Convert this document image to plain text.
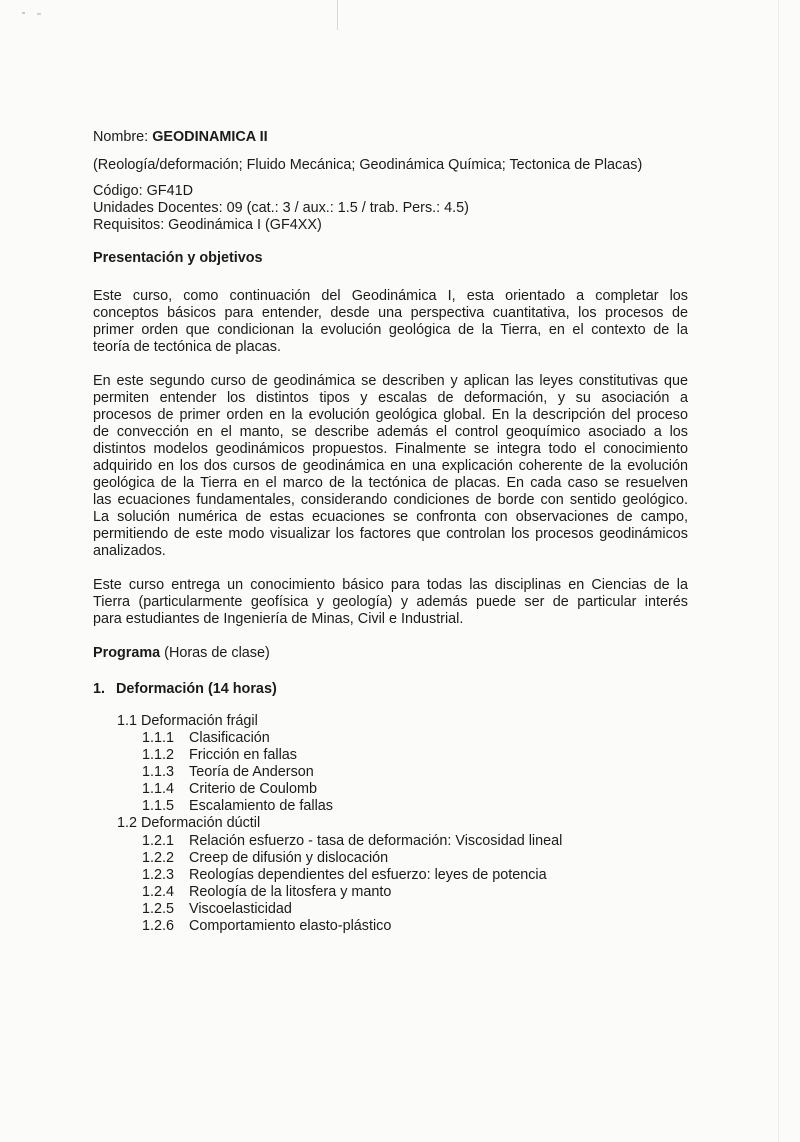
Nombre: GEODINAMICA II
(Reología/deformación; Fluido Mecánica; Geodinámica Química; Tectonica de Placas)
Código: GF41D
Unidades Docentes: 09 (cat.: 3 / aux.: 1.5 / trab. Pers.: 4.5)
Requisitos: Geodinámica I (GF4XX)
Presentación y objetivos
Este curso, como continuación del Geodinámica I, esta orientado a completar los
conceptos básicos para entender, desde una perspectiva cuantitativa, los procesos de
primer orden que condicionan la evolución geológica de la Tierra, en el contexto de la
teoría de tectónica de placas.
En este segundo curso de geodinámica se describen y aplican las leyes constitutivas que
permiten entender los distintos tipos y escalas de deformación, y su asociación a
procesos de primer orden en la evolución geológica global. En la descripción del proceso
de convección en el manto, se describe además el control geoquímico asociado a los
distintos modelos geodinámicos propuestos. Finalmente se integra todo el conocimiento
adquirido en los dos cursos de geodinámica en una explicación coherente de la evolución
geológica de la Tierra en el marco de la tectónica de placas. En cada caso se resuelven
las ecuaciones fundamentales, considerando condiciones de borde con sentido geológico.
La solución numérica de estas ecuaciones se confronta con observaciones de campo,
permitiendo de este modo visualizar los factores que controlan los procesos geodinámicos
analizados.
Este curso entrega un conocimiento básico para todas las disciplinas en Ciencias de la
Tierra (particularmente geofísica y geología) y además puede ser de particular interés
para estudiantes de Ingeniería de Minas, Civil e Industrial.
Programa (Horas de clase)
1. Deformación (14 horas)
1.1 Deformación frágil
1.1.1 Clasificación
1.1.2 Fricción en fallas
1.1.3 Teoría de Anderson
1.1.4 Criterio de Coulomb
1.1.5 Escalamiento de fallas
1.2 Deformación dúctil
1.2.1 Relación esfuerzo - tasa de deformación: Viscosidad lineal
1.2.2 Creep de difusión y dislocación
1.2.3 Reologías dependientes del esfuerzo: leyes de potencia
1.2.4 Reología de la litosfera y manto
1.2.5 Viscoelasticidad
1.2.6 Comportamiento elasto-plástico
